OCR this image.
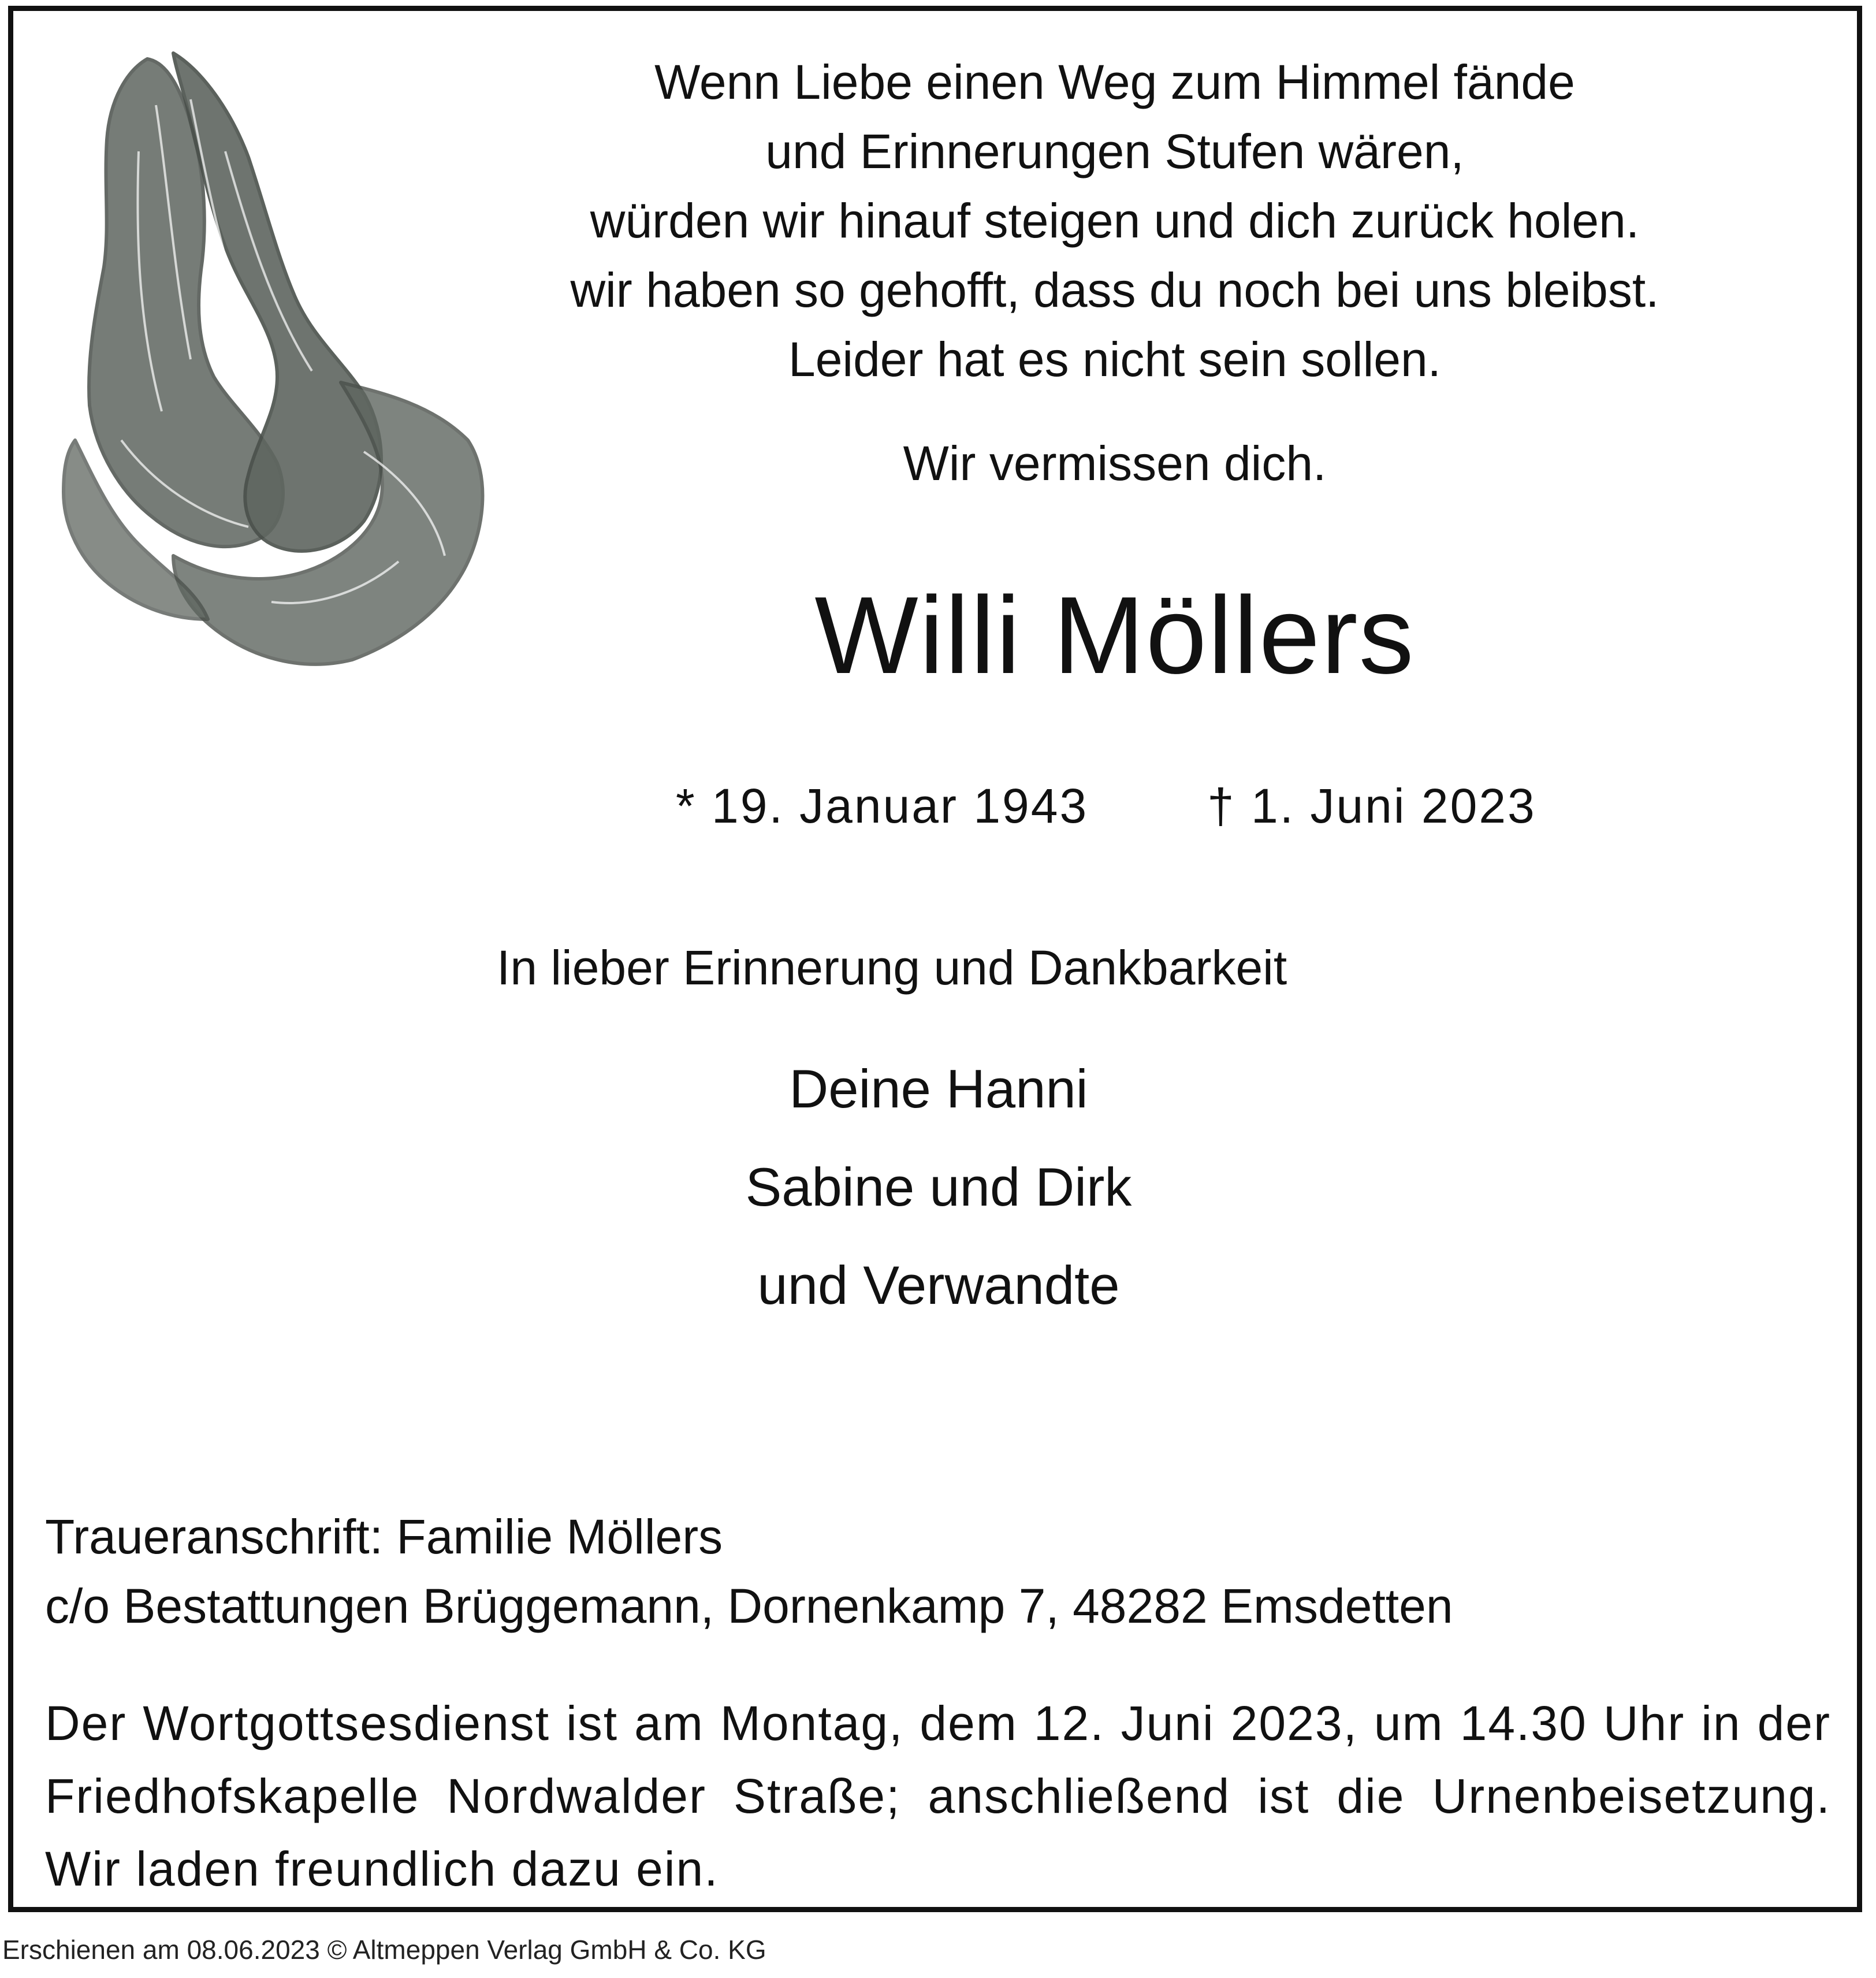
Wenn Liebe einen Weg zum Himmel fände
und Erinnerungen Stufen wären,
würden wir hinauf steigen und dich zurück holen.
wir haben so gehofft, dass du noch bei uns bleibst.
Leider hat es nicht sein sollen.
Wir vermissen dich.
Willi Möllers
* 19. Januar 1943 † 1. Juni 2023
In lieber Erinnerung und Dankbarkeit
Deine Hanni
Sabine und Dirk
und Verwandte
Traueranschrift: Familie Möllers
c/o Bestattungen Brüggemann, Dornenkamp 7, 48282 Emsdetten
Der Wortgottsesdienst ist am Montag, dem 12. Juni 2023, um 14.30 Uhr in der Friedhofskapelle Nordwalder Straße; anschließend ist die Urnenbeisetzung. Wir laden freundlich dazu ein.
Erschienen am 08.06.2023 © Altmeppen Verlag GmbH & Co. KG
